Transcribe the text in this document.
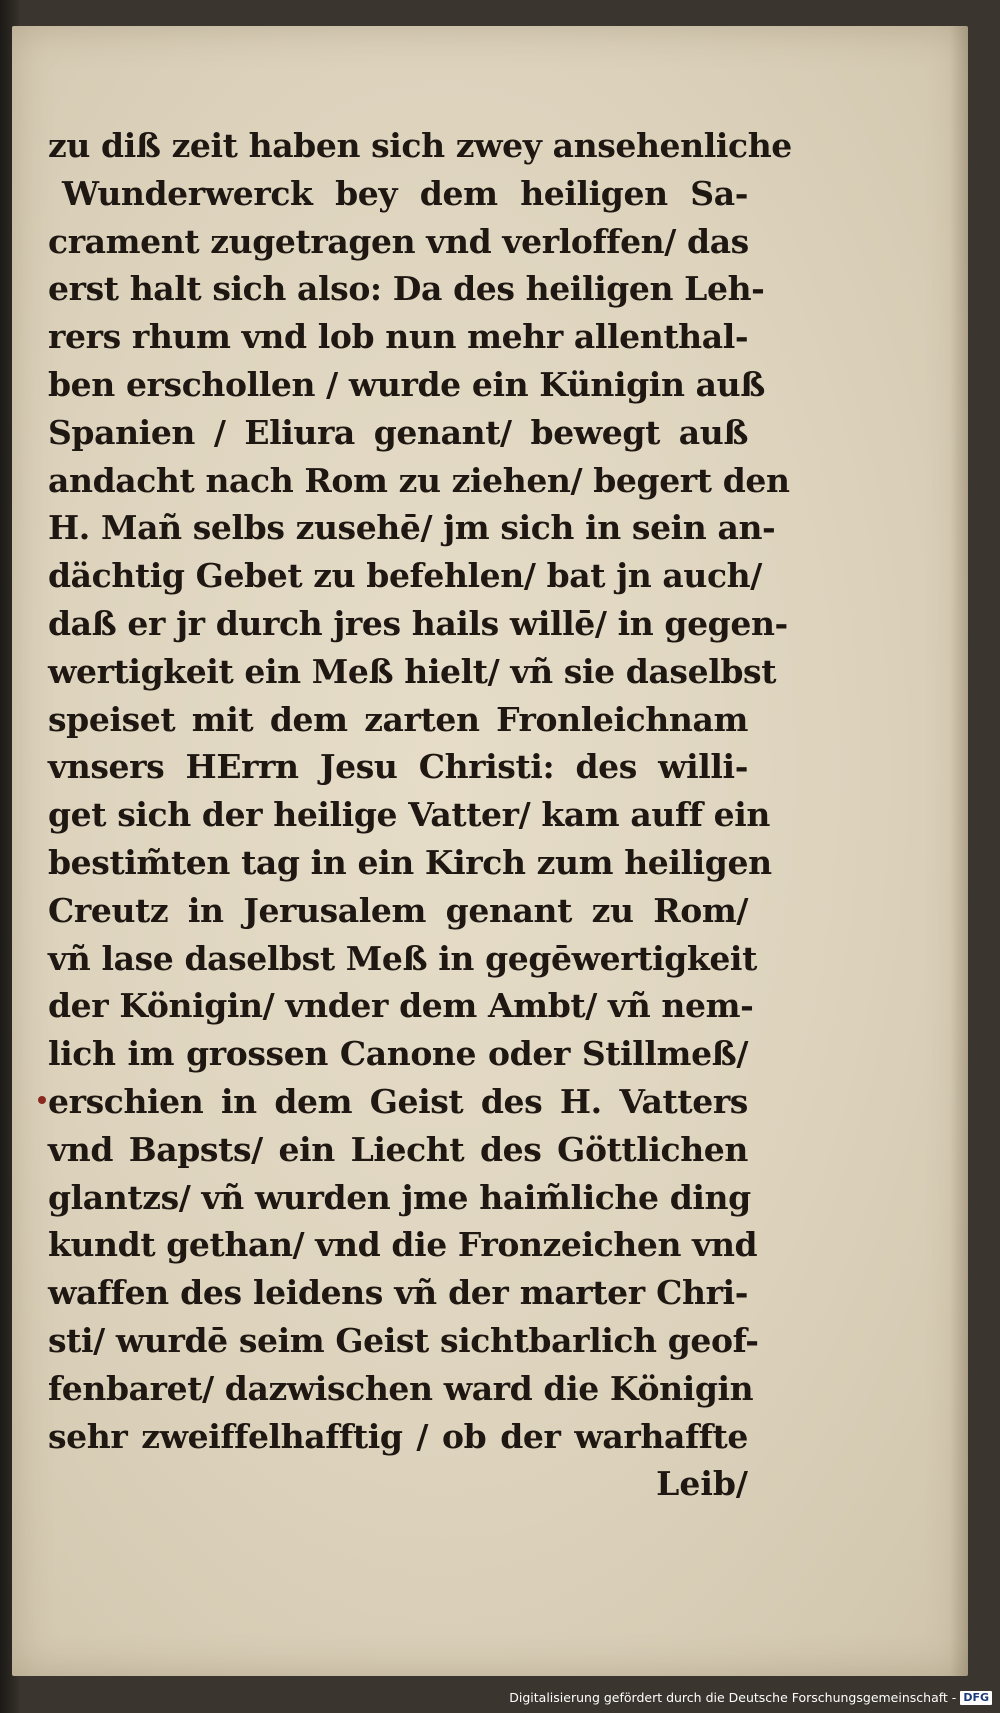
zu diß zeit haben sich zwey ansehenliche
Wunderwerck bey dem heiligen Sa-
crament zugetragen vnd verloffen/ das
erst halt sich also: Da des heiligen Leh-
rers rhum vnd lob nun mehr allenthal-
ben erschollen / wurde ein Künigin auß
Spanien / Eliura genant/ bewegt auß
andacht nach Rom zu ziehen/ begert den
H. Mañ selbs zusehē/ jm sich in sein an-
dächtig Gebet zu befehlen/ bat jn auch/
daß er jr durch jres hails willē/ in gegen-
wertigkeit ein Meß hielt/ vñ sie daselbst
speiset mit dem zarten Fronleichnam
vnsers HErrn Jesu Christi: des willi-
get sich der heilige Vatter/ kam auff ein
bestim̃ten tag in ein Kirch zum heiligen
Creutz in Jerusalem genant zu Rom/
vñ lase daselbst Meß in gegēwertigkeit
der Königin/ vnder dem Ambt/ vñ nem-
lich im grossen Canone oder Stillmeß/
erschien in dem Geist des H. Vatters
vnd Bapsts/ ein Liecht des Göttlichen
glantzs/ vñ wurden jme haim̃liche ding
kundt gethan/ vnd die Fronzeichen vnd
waffen des leidens vñ der marter Chri-
sti/ wurdē seim Geist sichtbarlich geof-
fenbaret/ dazwischen ward die Königin
sehr zweiffelhafftig / ob der warhaffte
Leib/
Digitalisierung gefördert durch die Deutsche Forschungsgemeinschaft - DFG
